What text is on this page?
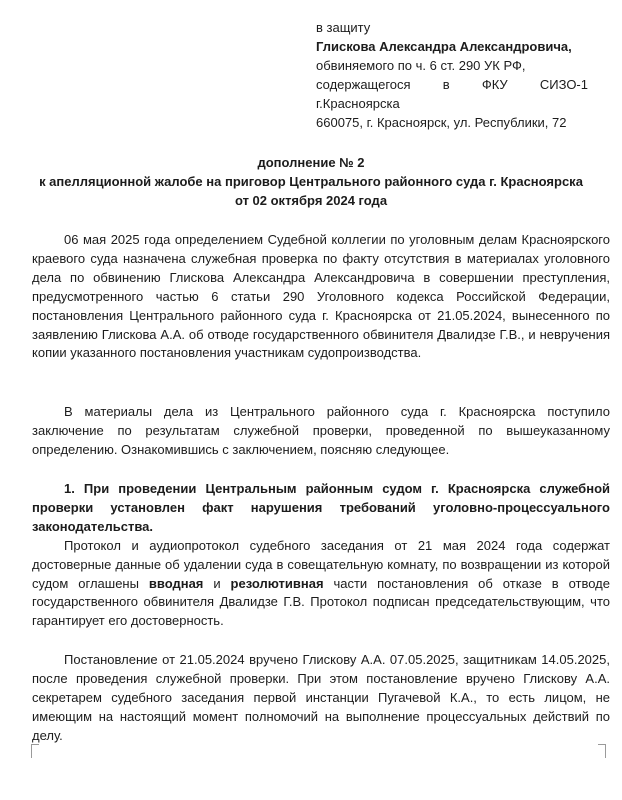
в защиту
Глискова Александра Александровича,
обвиняемого по ч. 6 ст. 290 УК РФ,
содержащегося в ФКУ СИЗО-1
г.Красноярска
660075, г. Красноярск, ул. Республики, 72
дополнение № 2
к апелляционной жалобе на приговор Центрального районного суда г. Красноярска
от 02 октября 2024 года

06 мая 2025 года определением Судебной коллегии по уголовным делам Красноярского краевого суда назначена служебная проверка по факту отсутствия в материалах уголовного дела по обвинению Глискова Александра Александровича в совершении преступления, предусмотренного частью 6 статьи 290 Уголовного кодекса Российской Федерации, постановления Центрального районного суда г. Красноярска от 21.05.2024, вынесенного по заявлению Глискова А.А. об отводе государственного обвинителя Двалидзе Г.В., и невручения копии указанного постановления участникам судопроизводства.

В материалы дела из Центрального районного суда г. Красноярска поступило заключение по результатам служебной проверки, проведенной по вышеуказанному определению. Ознакомившись с заключением, поясняю следующее.

1. При проведении Центральным районным судом г. Красноярска служебной проверки установлен факт нарушения требований уголовно-процессуального законодательства.

Протокол и аудиопротокол судебного заседания от 21 мая 2024 года содержат достоверные данные об удалении суда в совещательную комнату, по возвращении из которой судом оглашены вводная и резолютивная части постановления об отказе в отводе государственного обвинителя Двалидзе Г.В. Протокол подписан председательствующим, что гарантирует его достоверность.

Постановление от 21.05.2024 вручено Глискову А.А. 07.05.2025, защитникам 14.05.2025, после проведения служебной проверки. При этом постановление вручено Глискову А.А. секретарем судебного заседания первой инстанции Пугачевой К.А., то есть лицом, не имеющим на настоящий момент полномочий на выполнение процессуальных действий по делу.
